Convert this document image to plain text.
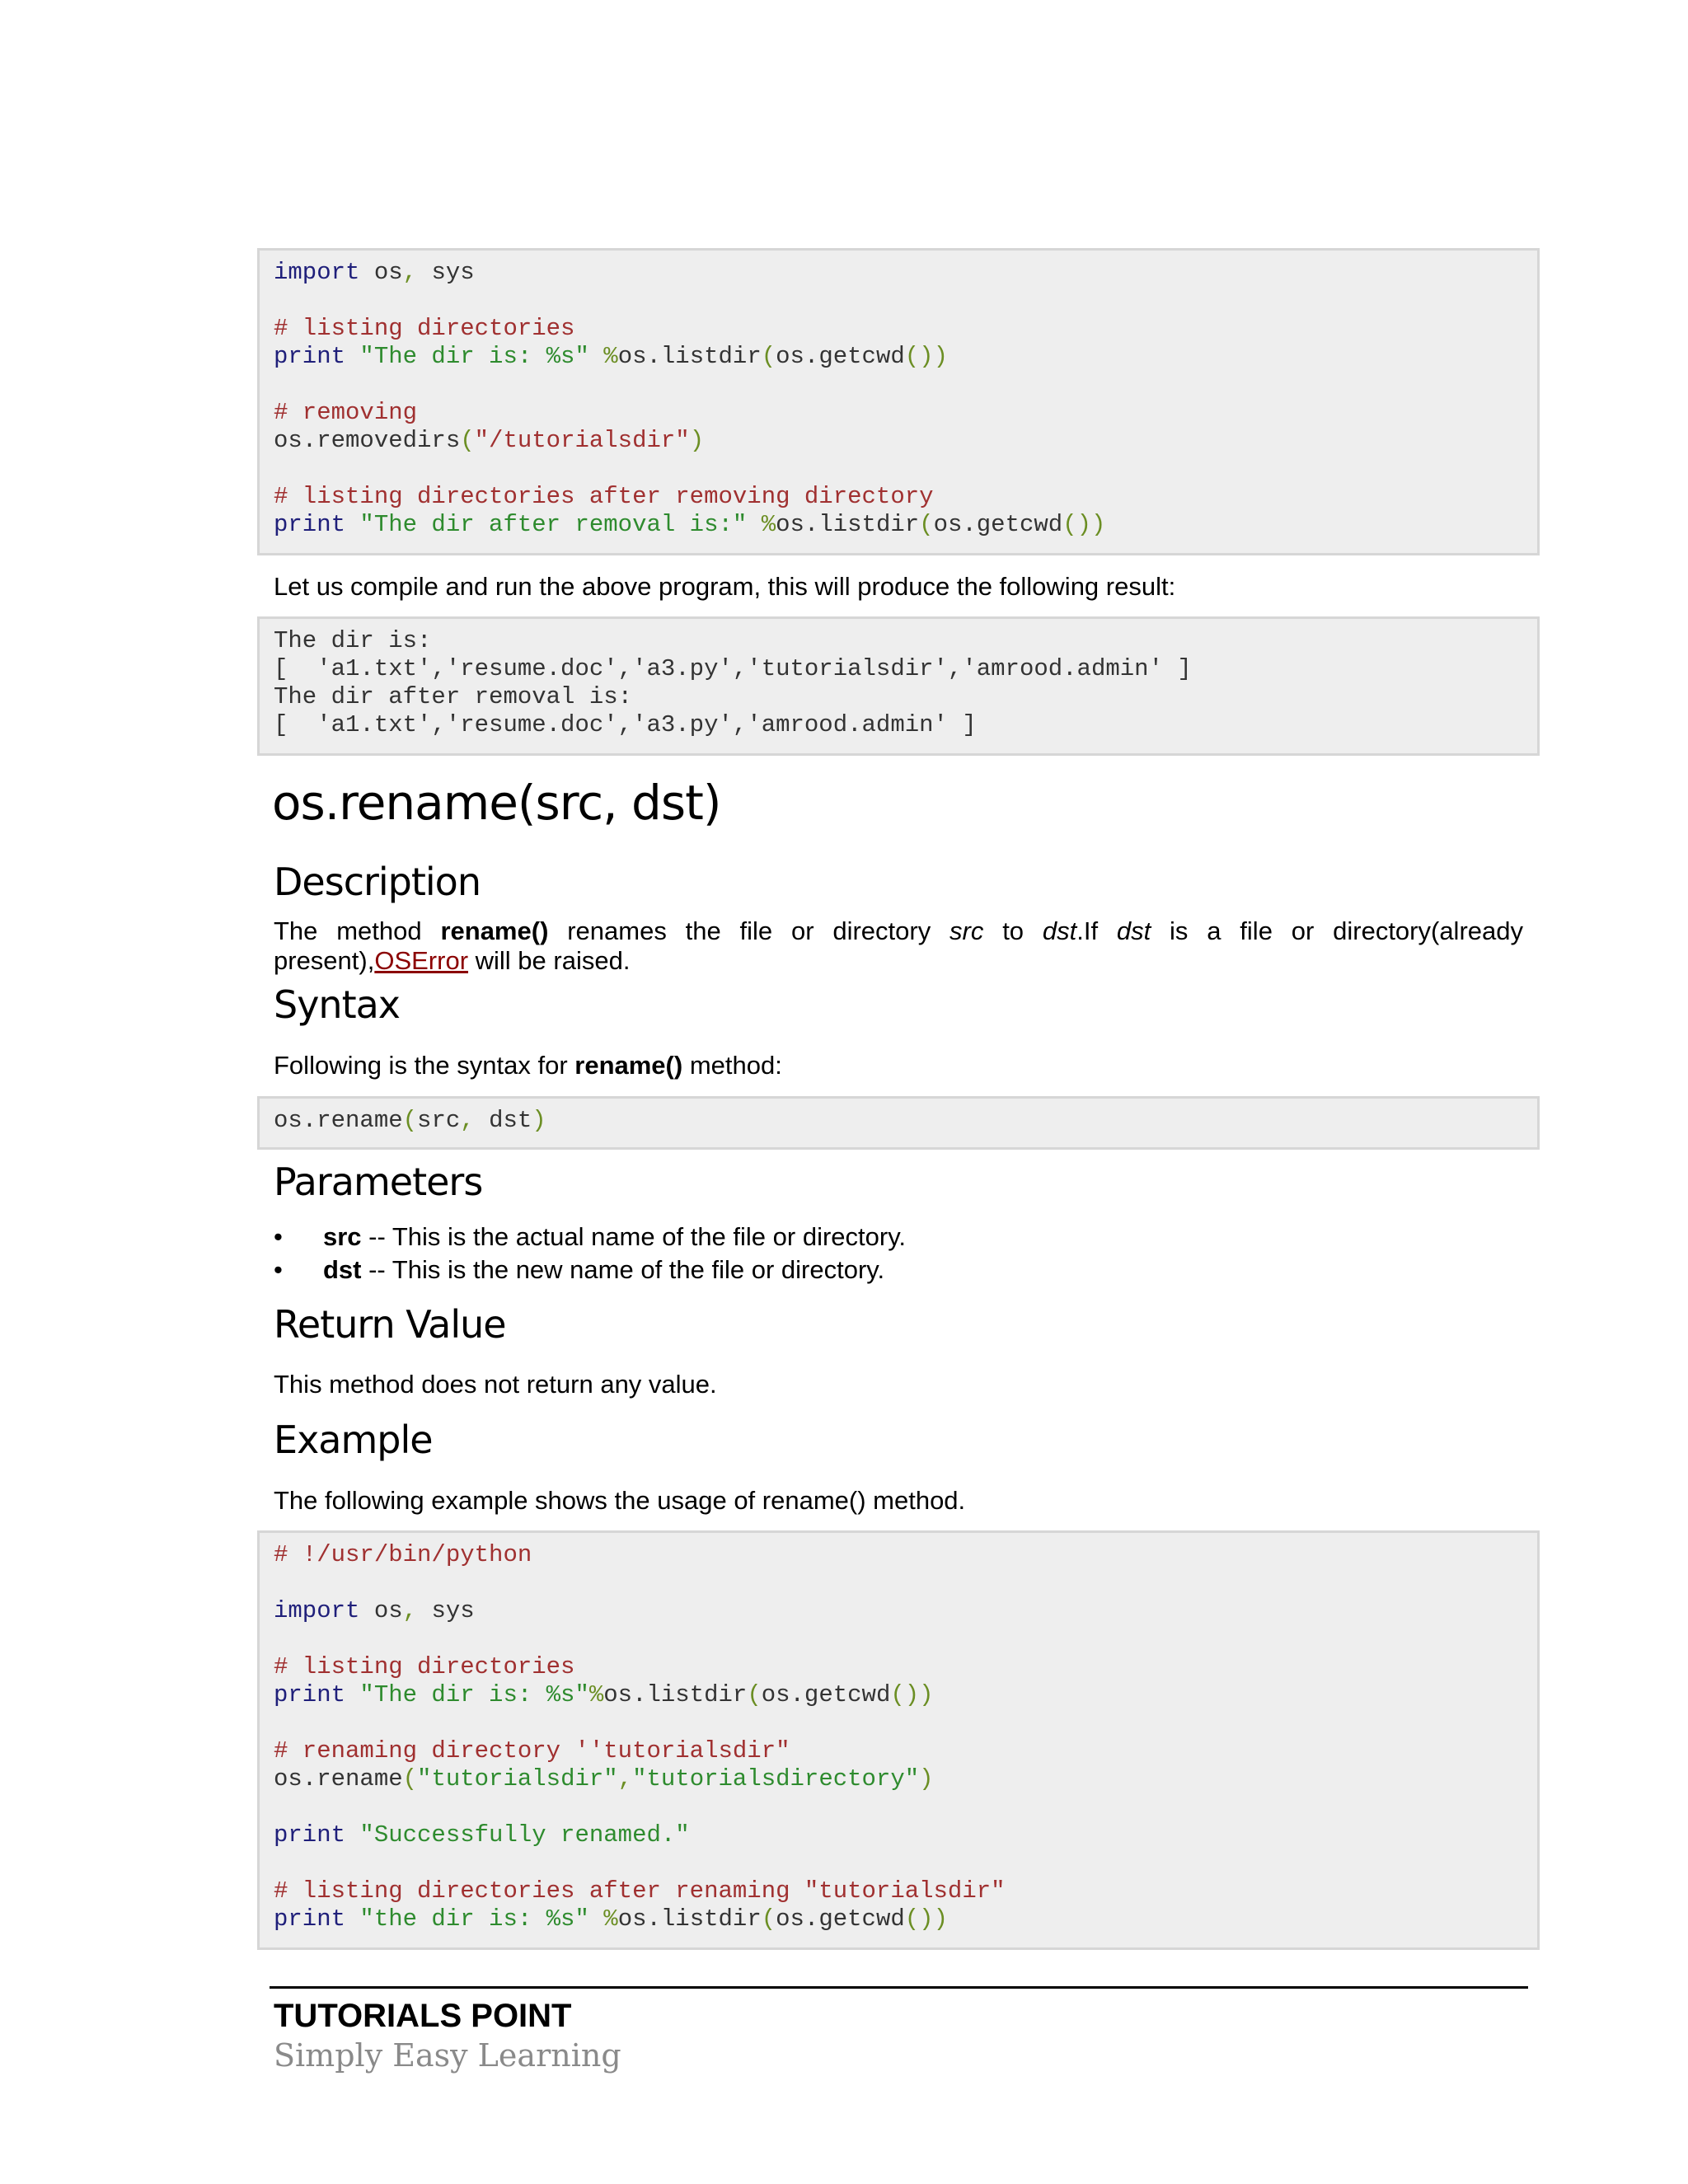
import os, sys
# listing directories
print "The dir is: %s" %os.listdir(os.getcwd())
# removing
os.removedirs("/tutorialsdir")
# listing directories after removing directory
print "The dir after removal is:" %os.listdir(os.getcwd())
Let us compile and run the above program, this will produce the following result:
The dir is:
[  'a1.txt','resume.doc','a3.py','tutorialsdir','amrood.admin' ]
The dir after removal is:
[  'a1.txt','resume.doc','a3.py','amrood.admin' ]
os.rename(src, dst)
Description
The method rename() renames the file or directory src to dst.If dst is a file or directory(already present),OSError will be raised.
Syntax
Following is the syntax for rename() method:
os.rename(src, dst)
Parameters
• src -- This is the actual name of the file or directory.
• dst -- This is the new name of the file or directory.
Return Value
This method does not return any value.
Example
The following example shows the usage of rename() method.
# !/usr/bin/python
import os, sys
# listing directories
print "The dir is: %s"%os.listdir(os.getcwd())
# renaming directory ''tutorialsdir"
os.rename("tutorialsdir","tutorialsdirectory")
print "Successfully renamed."
# listing directories after renaming "tutorialsdir"
print "the dir is: %s" %os.listdir(os.getcwd())
TUTORIALS POINT
Simply Easy Learning
